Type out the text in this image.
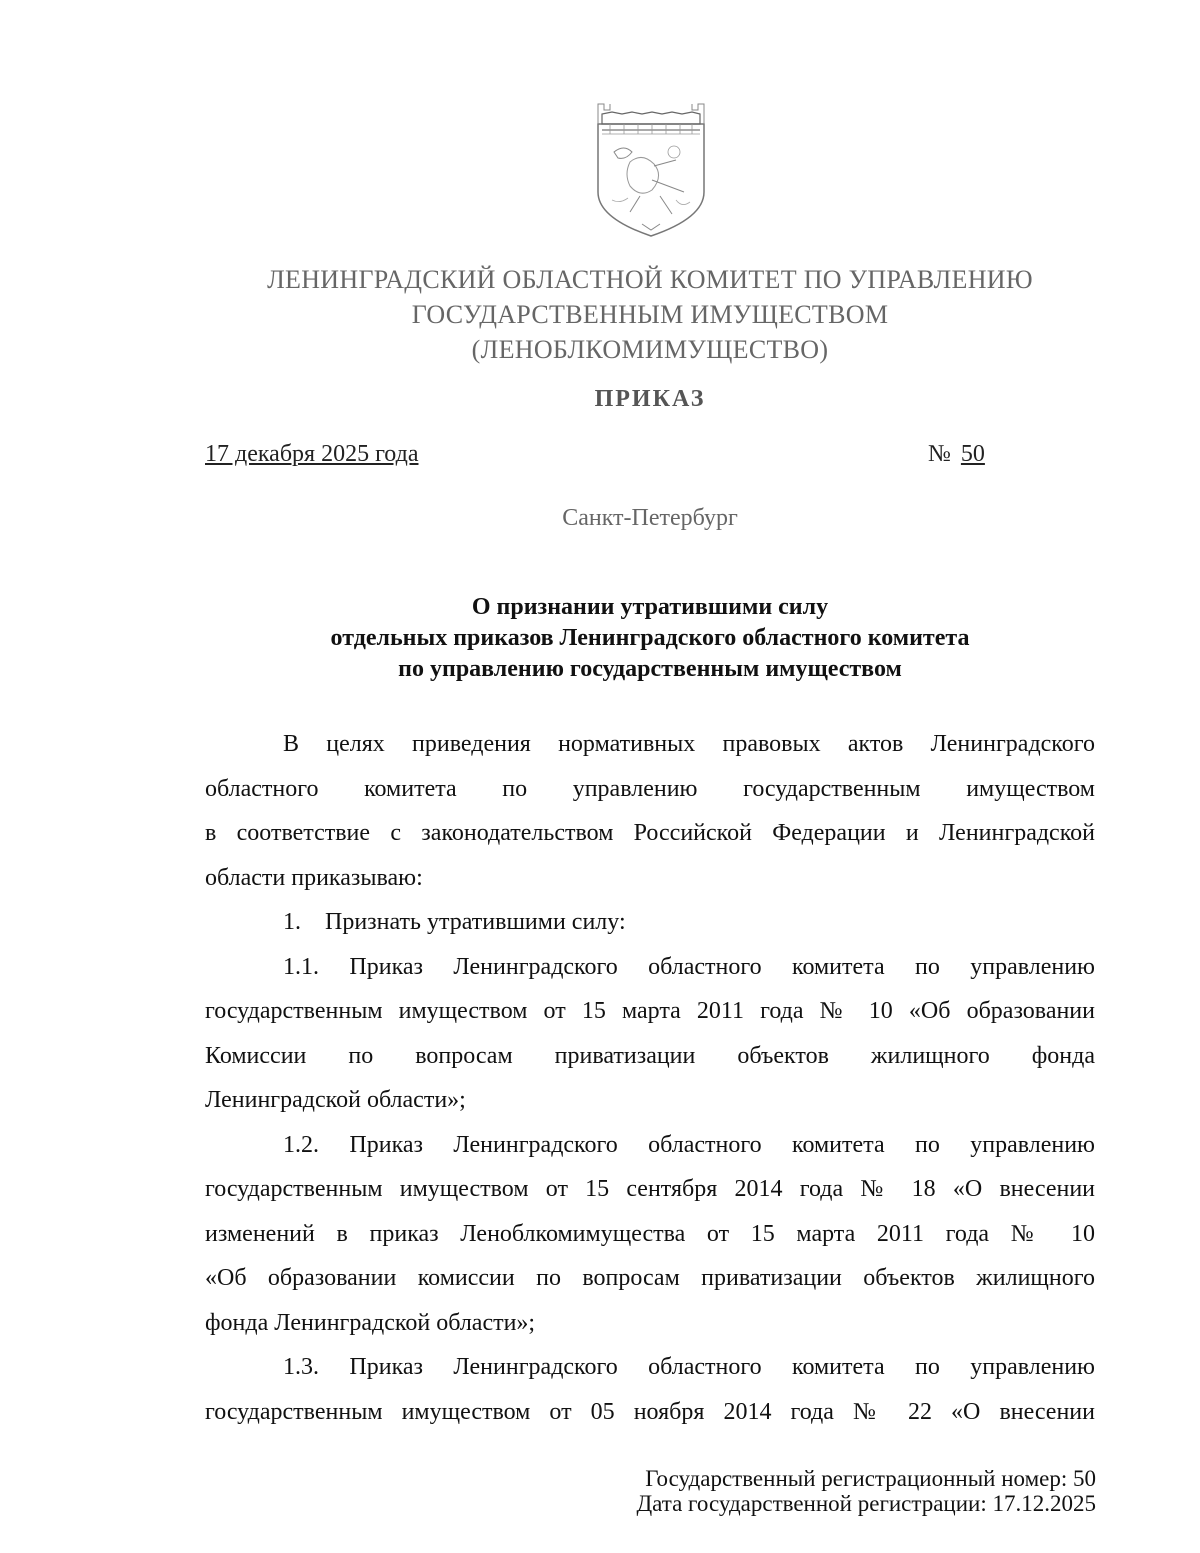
ЛЕНИНГРАДСКИЙ ОБЛАСТНОЙ КОМИТЕТ ПО УПРАВЛЕНИЮ
ГОСУДАРСТВЕННЫМ ИМУЩЕСТВОМ
(ЛЕНОБЛКОМИМУЩЕСТВО)
ПРИКАЗ
17 декабря 2025 года	№ 50
Санкт-Петербург
О признании утратившими силу
отдельных приказов Ленинградского областного комитета
по управлению государственным имуществом
В целях приведения нормативных правовых актов Ленинградского
областного комитета по управлению государственным имуществом
в соответствие с законодательством Российской Федерации и Ленинградской
области приказываю:
1.    Признать утратившими силу:
1.1. Приказ Ленинградского областного комитета по управлению
государственным имуществом от 15 марта 2011 года № 10 «Об образовании
Комиссии по вопросам приватизации объектов жилищного фонда
Ленинградской области»;
1.2. Приказ Ленинградского областного комитета по управлению
государственным имуществом от 15 сентября 2014 года № 18 «О внесении
изменений в приказ Леноблкомимущества от 15 марта 2011 года № 10
«Об образовании комиссии по вопросам приватизации объектов жилищного
фонда Ленинградской области»;
1.3. Приказ Ленинградского областного комитета по управлению
государственным имуществом от 05 ноября 2014 года № 22 «О внесении
Государственный регистрационный номер: 50
Дата государственной регистрации: 17.12.2025
